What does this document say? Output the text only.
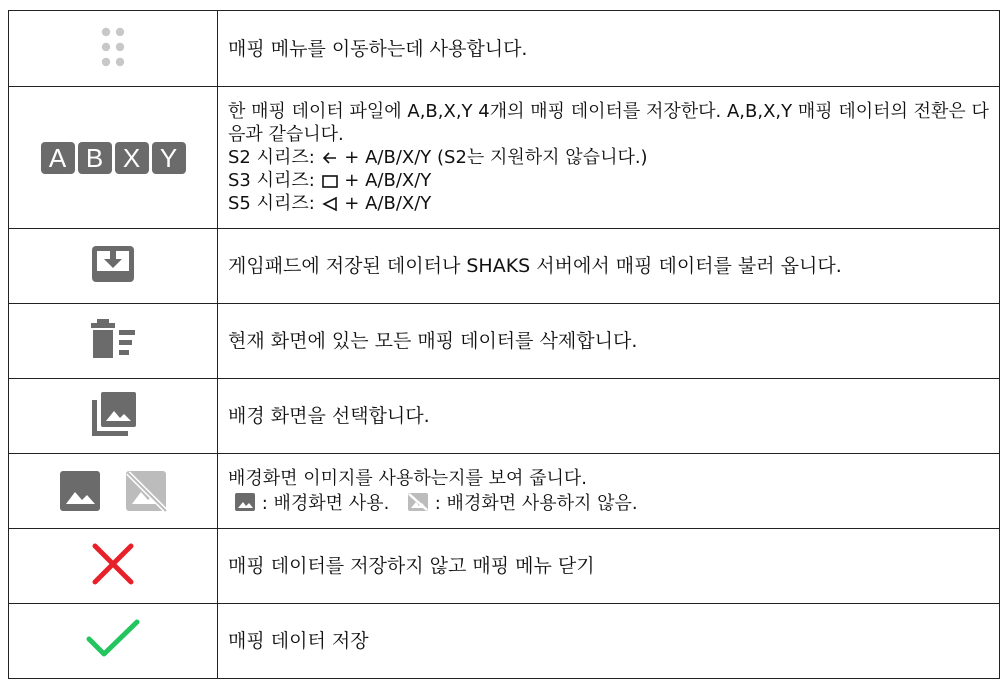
매핑 메뉴를 이동하는데 사용합니다.

A B X Y	한 매핑 데이터 파일에 A,B,X,Y 4개의 매핑 데이터를 저장한다. A,B,X,Y 매핑 데이터의 전환은 다음과 같습니다.
S2 시리즈: + A/B/X/Y (S2는 지원하지 않습니다.)
S3 시리즈: + A/B/X/Y
S5 시리즈: + A/B/X/Y

게임패드에 저장된 데이터나 SHAKS 서버에서 매핑 데이터를 불러 옵니다.

현재 화면에 있는 모든 매핑 데이터를 삭제합니다.

배경 화면을 선택합니다.

배경화면 이미지를 사용하는지를 보여 줍니다.
: 배경화면 사용. : 배경화면 사용하지 않음.

매핑 데이터를 저장하지 않고 매핑 메뉴 닫기

매핑 데이터 저장
